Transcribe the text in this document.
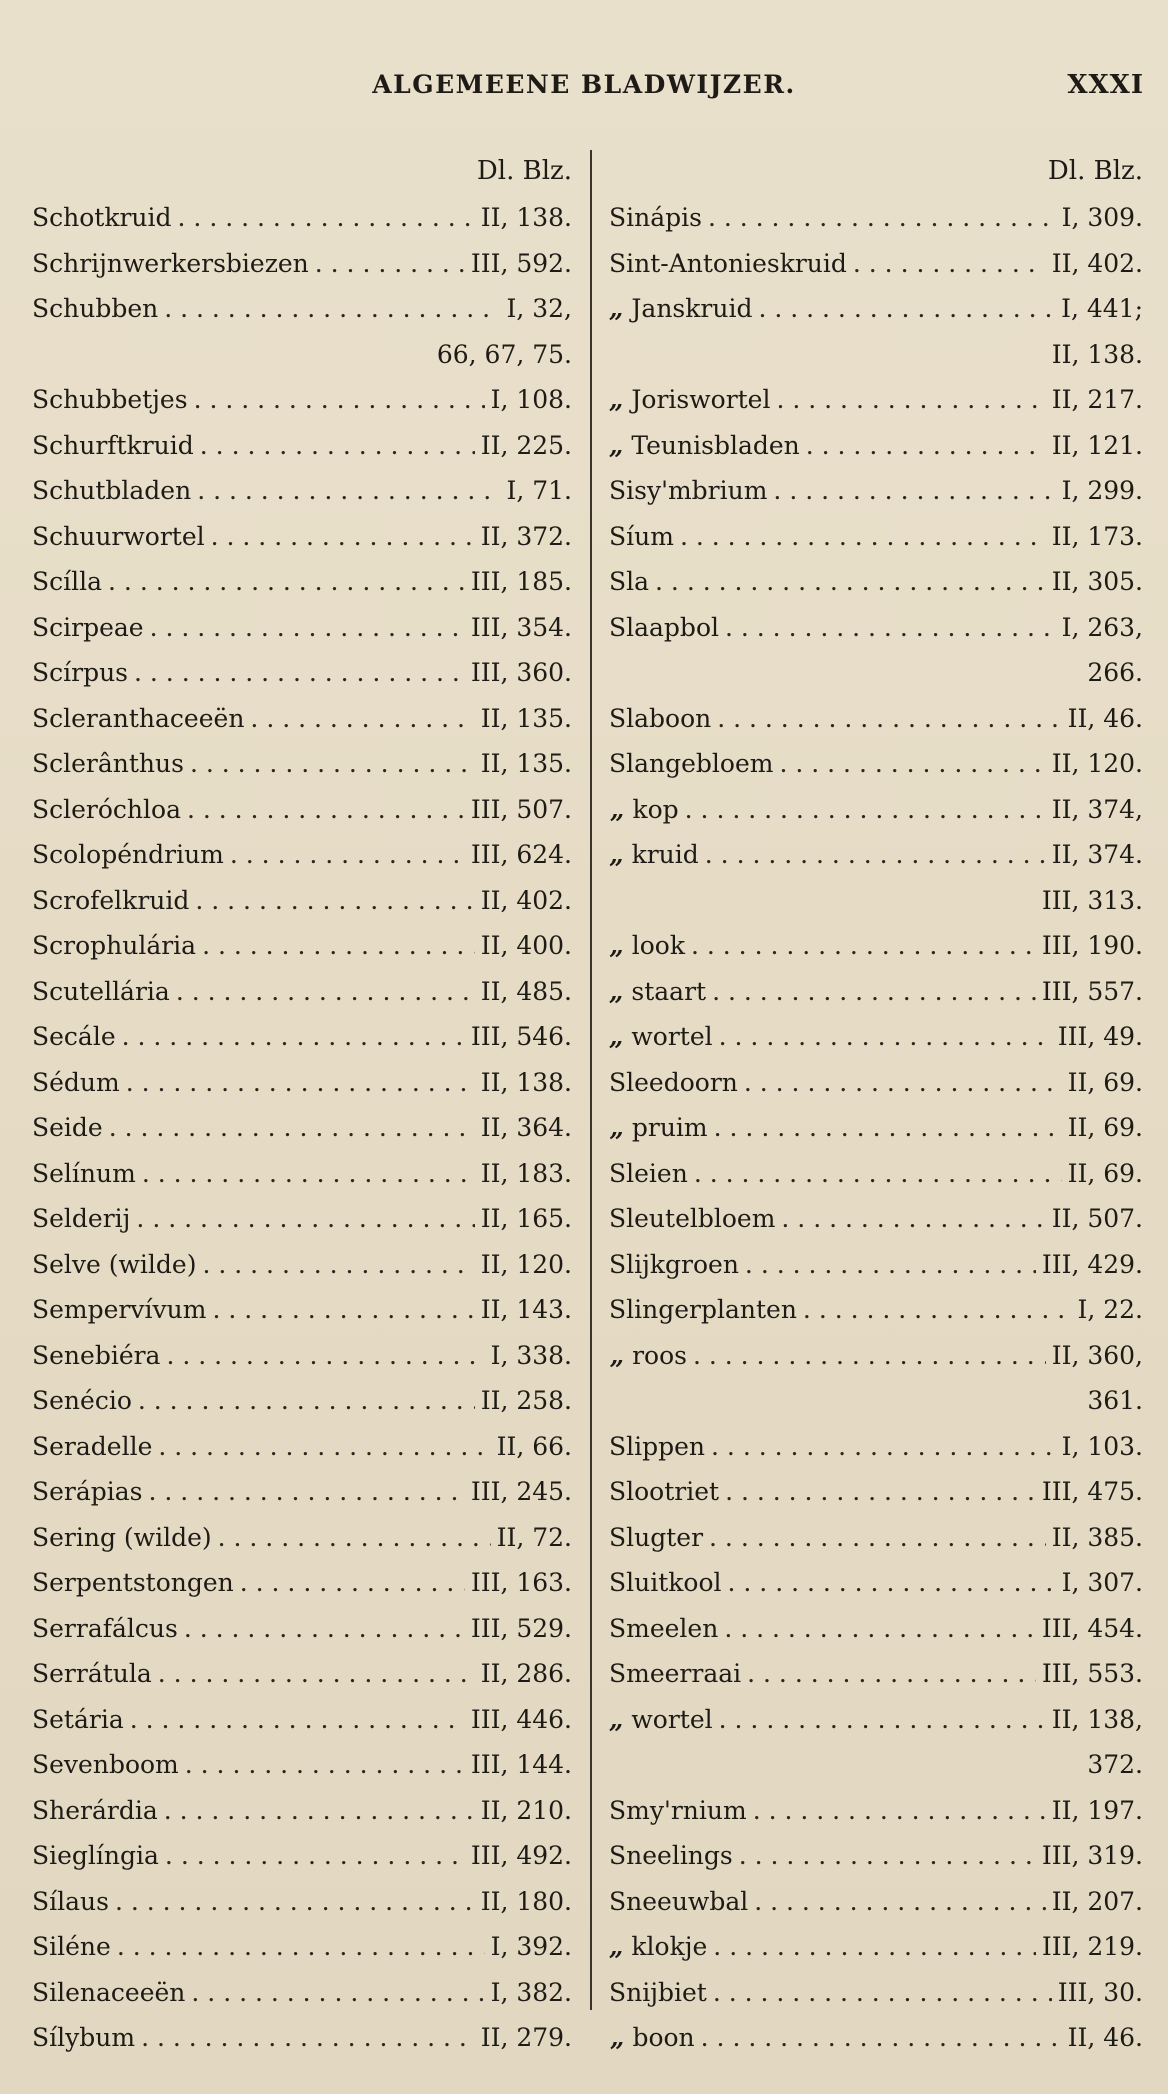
ALGEMEENE BLADWIJZER.	XXXI
Dl. Blz.	Dl. Blz.
Schotkruid . . .	II, 138.
Schrijnwerkersbiezen . . .	III, 592.
Schubben . . .	I, 32,
66, 67, 75.
Schubbetjes . . .	I, 108.
Schurftkruid . . .	II, 225.
Schutbladen . . .	I, 71.
Schuurwortel . . .	II, 372.
Scílla . . .	III, 185.
Scirpeae . . .	III, 354.
Scírpus . . .	III, 360.
Scleranthaceeën . . .	II, 135.
Sclerânthus . . .	II, 135.
Scleróchloa . . .	III, 507.
Scolopéndrium . . .	III, 624.
Scrofelkruid . . .	II, 402.
Scrophulária . . .	II, 400.
Scutellária . . .	II, 485.
Secále . . .	III, 546.
Sédum . . .	II, 138.
Seide . . .	II, 364.
Selínum . . .	II, 183.
Selderij . . .	II, 165.
Selve (wilde) . . .	II, 120.
Sempervívum . . .	II, 143.
Senebiéra . . .	I, 338.
Senécio . . .	II, 258.
Seradelle . . .	II, 66.
Serápias . . .	III, 245.
Sering (wilde) . . .	II, 72.
Serpentstongen . . .	III, 163.
Serrafálcus . . .	III, 529.
Serrátula . . .	II, 286.
Setária . . .	III, 446.
Sevenboom . . .	III, 144.
Sherárdia . . .	II, 210.
Sieglíngia . . .	III, 492.
Sílaus . . .	II, 180.
Siléne . . .	I, 392.
Silenaceeën . . .	I, 382.
Sílybum . . .	II, 279.
Sinápis . . .	I, 309.
Sint-Antonieskruid . . .	II, 402.
„ Janskruid . . .	I, 441;
II, 138.
„ Joriswortel . . .	II, 217.
„ Teunisbladen . . .	II, 121.
Sisy'mbrium . . .	I, 299.
Síum . . .	II, 173.
Sla . . .	II, 305.
Slaapbol . . .	I, 263,
266.
Slaboon . . .	II, 46.
Slangebloem . . .	II, 120.
„ kop . . .	II, 374,
„ kruid . . .	II, 374.
III, 313.
„ look . . .	III, 190.
„ staart . . .	III, 557.
„ wortel . . .	III, 49.
Sleedoorn . . .	II, 69.
„ pruim . . .	II, 69.
Sleien . . .	II, 69.
Sleutelbloem . . .	II, 507.
Slijkgroen . . .	III, 429.
Slingerplanten . . .	I, 22.
„ roos . . .	II, 360,
361.
Slippen . . .	I, 103.
Slootriet . . .	III, 475.
Slugter . . .	II, 385.
Sluitkool . . .	I, 307.
Smeelen . . .	III, 454.
Smeerraai . . .	III, 553.
„ wortel . . .	II, 138,
372.
Smy'rnium . . .	II, 197.
Sneelings . . .	III, 319.
Sneeuwbal . . .	II, 207.
„ klokje . . .	III, 219.
Snijbiet . . .	III, 30.
„ boon . . .	II, 46.
